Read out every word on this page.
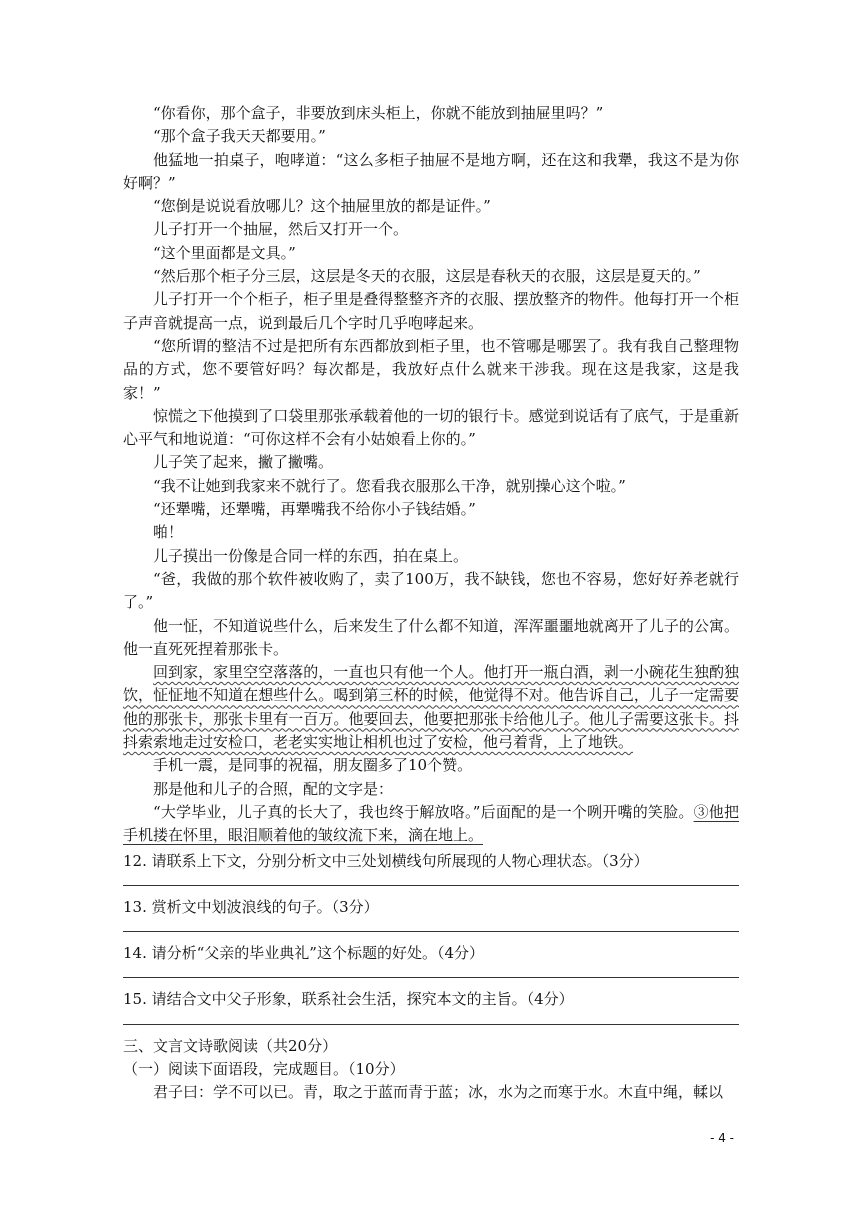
“你看你，那个盒子，非要放到床头柜上，你就不能放到抽屉里吗？”

“那个盒子我天天都要用。”

他猛地一拍桌子，咆哮道：“这么多柜子抽屉不是地方啊，还在这和我犟，我这不是为你好啊？”

“您倒是说说看放哪儿？这个抽屉里放的都是证件。”

儿子打开一个抽屉，然后又打开一个。

“这个里面都是文具。”

“然后那个柜子分三层，这层是冬天的衣服，这层是春秋天的衣服，这层是夏天的。”

儿子打开一个个柜子，柜子里是叠得整整齐齐的衣服、摆放整齐的物件。他每打开一个柜子声音就提高一点，说到最后几个字时几乎咆哮起来。

“您所谓的整洁不过是把所有东西都放到柜子里，也不管哪是哪罢了。我有我自己整理物品的方式，您不要管好吗？每次都是，我放好点什么就来干涉我。现在这是我家，这是我家！”

惊慌之下他摸到了口袋里那张承载着他的一切的银行卡。感觉到说话有了底气，于是重新心平气和地说道：“可你这样不会有小姑娘看上你的。”

儿子笑了起来，撇了撇嘴。

“我不让她到我家来不就行了。您看我衣服那么干净，就别操心这个啦。”

“还犟嘴，还犟嘴，再犟嘴我不给你小子钱结婚。”

啪！

儿子摸出一份像是合同一样的东西，拍在桌上。

“爸，我做的那个软件被收购了，卖了100万，我不缺钱，您也不容易，您好好养老就行了。”

他一怔，不知道说些什么，后来发生了什么都不知道，浑浑噩噩地就离开了儿子的公寓。他一直死死捏着那张卡。

回到家，家里空空落落的，一直也只有他一个人。他打开一瓶白酒，剥一小碗花生独酌独饮，怔怔地不知道在想些什么。喝到第三杯的时候，他觉得不对。他告诉自己，儿子一定需要他的那张卡，那张卡里有一百万。他要回去，他要把那张卡给他儿子。他儿子需要这张卡。抖抖索索地走过安检口，老老实实地让相机也过了安检，他弓着背，上了地铁。

手机一震，是同事的祝福，朋友圈多了10个赞。

那是他和儿子的合照，配的文字是：

“大学毕业，儿子真的长大了，我也终于解放咯。”后面配的是一个咧开嘴的笑脸。③他把手机搂在怀里，眼泪顺着他的皱纹流下来，滴在地上。

12. 请联系上下文，分别分析文中三处划横线句所展现的人物心理状态。（3分）

13. 赏析文中划波浪线的句子。（3分）

14. 请分析“父亲的毕业典礼”这个标题的好处。（4分）

15. 请结合文中父子形象，联系社会生活，探究本文的主旨。（4分）

三、文言文诗歌阅读（共20分）

（一）阅读下面语段，完成题目。（10分）

君子曰：学不可以已。青，取之于蓝而青于蓝；冰，水为之而寒于水。木直中绳，輮以

- 4 -
